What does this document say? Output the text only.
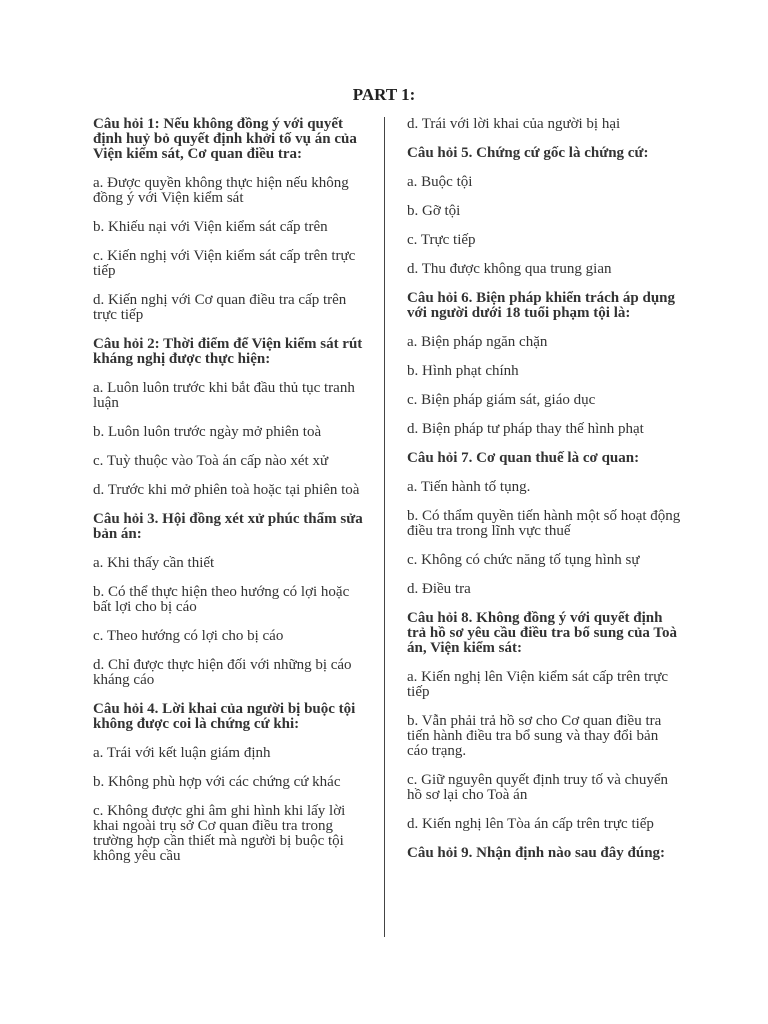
PART 1:
Câu hỏi 1: Nếu không đồng ý với quyết định huỷ bỏ quyết định khởi tố vụ án của Viện kiểm sát, Cơ quan điều tra:
a. Được quyền không thực hiện nếu không đồng ý với Viện kiểm sát
b. Khiếu nại với Viện kiểm sát cấp trên
c. Kiến nghị với Viện kiểm sát cấp trên trực tiếp
d. Kiến nghị với Cơ quan điều tra cấp trên trực tiếp
Câu hỏi 2: Thời điểm để Viện kiểm sát rút kháng nghị được thực hiện:
a. Luôn luôn trước khi bắt đầu thủ tục tranh luận
b. Luôn luôn trước ngày mở phiên toà
c. Tuỳ thuộc vào Toà án cấp nào xét xử
d. Trước khi mở phiên toà hoặc tại phiên toà
Câu hỏi 3. Hội đồng xét xử phúc thẩm sửa bản án:
a. Khi thấy cần thiết
b. Có thể thực hiện theo hướng có lợi hoặc bất lợi cho bị cáo
c. Theo hướng có lợi cho bị cáo
d. Chỉ được thực hiện đối với những bị cáo kháng cáo
Câu hỏi 4. Lời khai của người bị buộc tội không được coi là chứng cứ khi:
a. Trái với kết luận giám định
b. Không phù hợp với các chứng cứ khác
c. Không được ghi âm ghi hình khi lấy lời khai ngoài trụ sở Cơ quan điều tra trong trường hợp cần thiết mà người bị buộc tội không yêu cầu
d. Trái với lời khai của người bị hại
Câu hỏi 5. Chứng cứ gốc là chứng cứ:
a. Buộc tội
b. Gỡ tội
c. Trực tiếp
d. Thu được không qua trung gian
Câu hỏi 6. Biện pháp khiển trách áp dụng với người dưới 18 tuổi phạm tội là:
a. Biện pháp ngăn chặn
b. Hình phạt chính
c. Biện pháp giám sát, giáo dục
d. Biện pháp tư pháp thay thế hình phạt
Câu hỏi 7. Cơ quan thuế là cơ quan:
a. Tiến hành tố tụng.
b. Có thẩm quyền tiến hành một số hoạt động điều tra trong lĩnh vực thuế
c. Không có chức năng tố tụng hình sự
d. Điều tra
Câu hỏi 8. Không đồng ý với quyết định trả hồ sơ yêu cầu điều tra bổ sung của Toà án, Viện kiểm sát:
a. Kiến nghị lên Viện kiểm sát cấp trên trực tiếp
b. Vẫn phải trả hồ sơ cho Cơ quan điều tra tiến hành điều tra bổ sung và thay đổi bản cáo trạng.
c. Giữ nguyên quyết định truy tố và chuyển hồ sơ lại cho Toà án
d. Kiến nghị lên Tòa án cấp trên trực tiếp
Câu hỏi 9. Nhận định nào sau đây đúng:
